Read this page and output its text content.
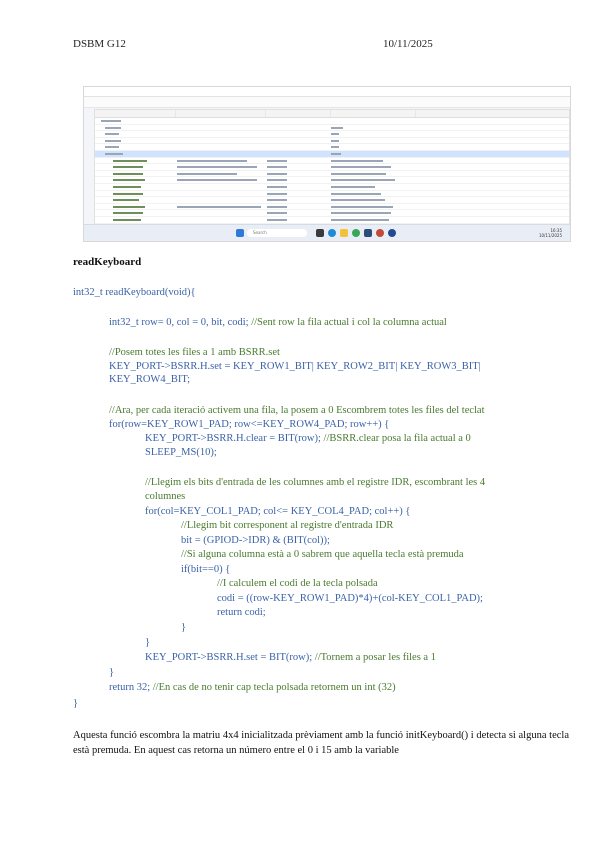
DSBM G12	10/11/2025
Search	16:35
10/11/2025
readKeyboard
int32_t readKeyboard(void){
int32_t row= 0, col = 0, bit, codi; //Sent row la fila actual i col la columna actual
//Posem totes les files a 1 amb BSRR.set
KEY_PORT->BSRR.H.set = KEY_ROW1_BIT| KEY_ROW2_BIT| KEY_ROW3_BIT|
KEY_ROW4_BIT;
//Ara, per cada iteració activem una fila, la posem a 0 Escombrem totes les files del teclat
for(row=KEY_ROW1_PAD; row<=KEY_ROW4_PAD; row++) {
KEY_PORT->BSRR.H.clear = BIT(row); //BSRR.clear posa la fila actual a 0
SLEEP_MS(10);
//Llegim els bits d'entrada de les columnes amb el registre IDR, escombrant les 4
columnes
for(col=KEY_COL1_PAD; col<= KEY_COL4_PAD; col++) {
//Llegim bit corresponent al registre d'entrada IDR
bit = (GPIOD->IDR) & (BIT(col));
//Si alguna columna està a 0 sabrem que aquella tecla està premuda
if(bit==0) {
//I calculem el codi de la tecla polsada
codi = ((row-KEY_ROW1_PAD)*4)+(col-KEY_COL1_PAD);
return codi;
}
}
KEY_PORT->BSRR.H.set = BIT(row); //Tornem a posar les files a 1
}
return 32; //En cas de no tenir cap tecla polsada retornem un int (32)
}
Aquesta funció escombra la matriu 4x4 inicialitzada prèviament amb la funció initKeyboard() i detecta si alguna tecla està premuda. En aquest cas retorna un número entre el 0 i 15 amb la variable
